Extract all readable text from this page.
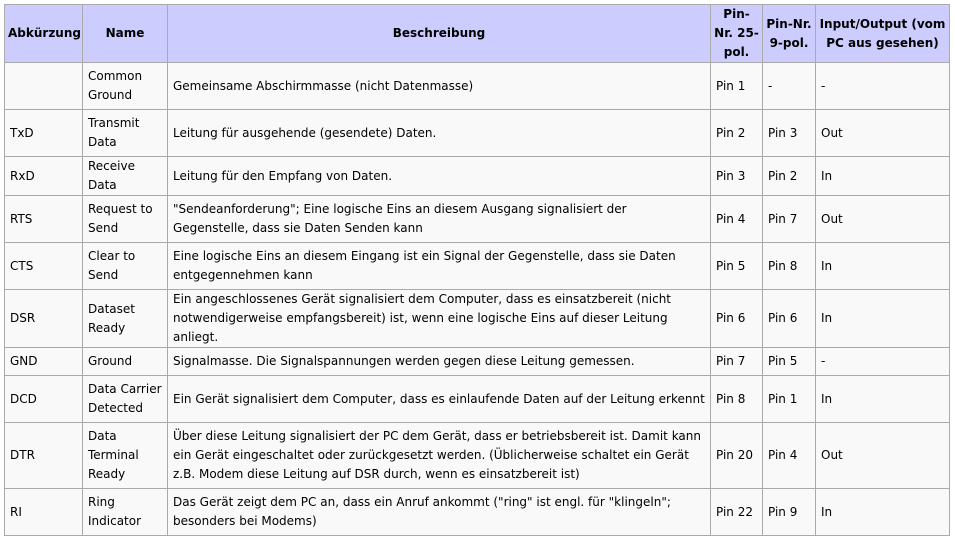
Abkürzung	Name	Beschreibung	Pin-Nr. 25-pol.	Pin-Nr. 9-pol.	Input/Output (vom PC aus gesehen)
	Common Ground	Gemeinsame Abschirmmasse (nicht Datenmasse)	Pin 1	-	-
TxD	Transmit Data	Leitung für ausgehende (gesendete) Daten.	Pin 2	Pin 3	Out
RxD	Receive Data	Leitung für den Empfang von Daten.	Pin 3	Pin 2	In
RTS	Request to Send	"Sendeanforderung"; Eine logische Eins an diesem Ausgang signalisiert der Gegenstelle, dass sie Daten Senden kann	Pin 4	Pin 7	Out
CTS	Clear to Send	Eine logische Eins an diesem Eingang ist ein Signal der Gegenstelle, dass sie Daten entgegennehmen kann	Pin 5	Pin 8	In
DSR	Dataset Ready	Ein angeschlossenes Gerät signalisiert dem Computer, dass es einsatzbereit (nicht notwendigerweise empfangsbereit) ist, wenn eine logische Eins auf dieser Leitung anliegt.	Pin 6	Pin 6	In
GND	Ground	Signalmasse. Die Signalspannungen werden gegen diese Leitung gemessen.	Pin 7	Pin 5	-
DCD	Data Carrier Detected	Ein Gerät signalisiert dem Computer, dass es einlaufende Daten auf der Leitung erkennt	Pin 8	Pin 1	In
DTR	Data Terminal Ready	Über diese Leitung signalisiert der PC dem Gerät, dass er betriebsbereit ist. Damit kann ein Gerät eingeschaltet oder zurückgesetzt werden. (Üblicherweise schaltet ein Gerät z.B. Modem diese Leitung auf DSR durch, wenn es einsatzbereit ist)	Pin 20	Pin 4	Out
RI	Ring Indicator	Das Gerät zeigt dem PC an, dass ein Anruf ankommt ("ring" ist engl. für "klingeln"; besonders bei Modems)	Pin 22	Pin 9	In
